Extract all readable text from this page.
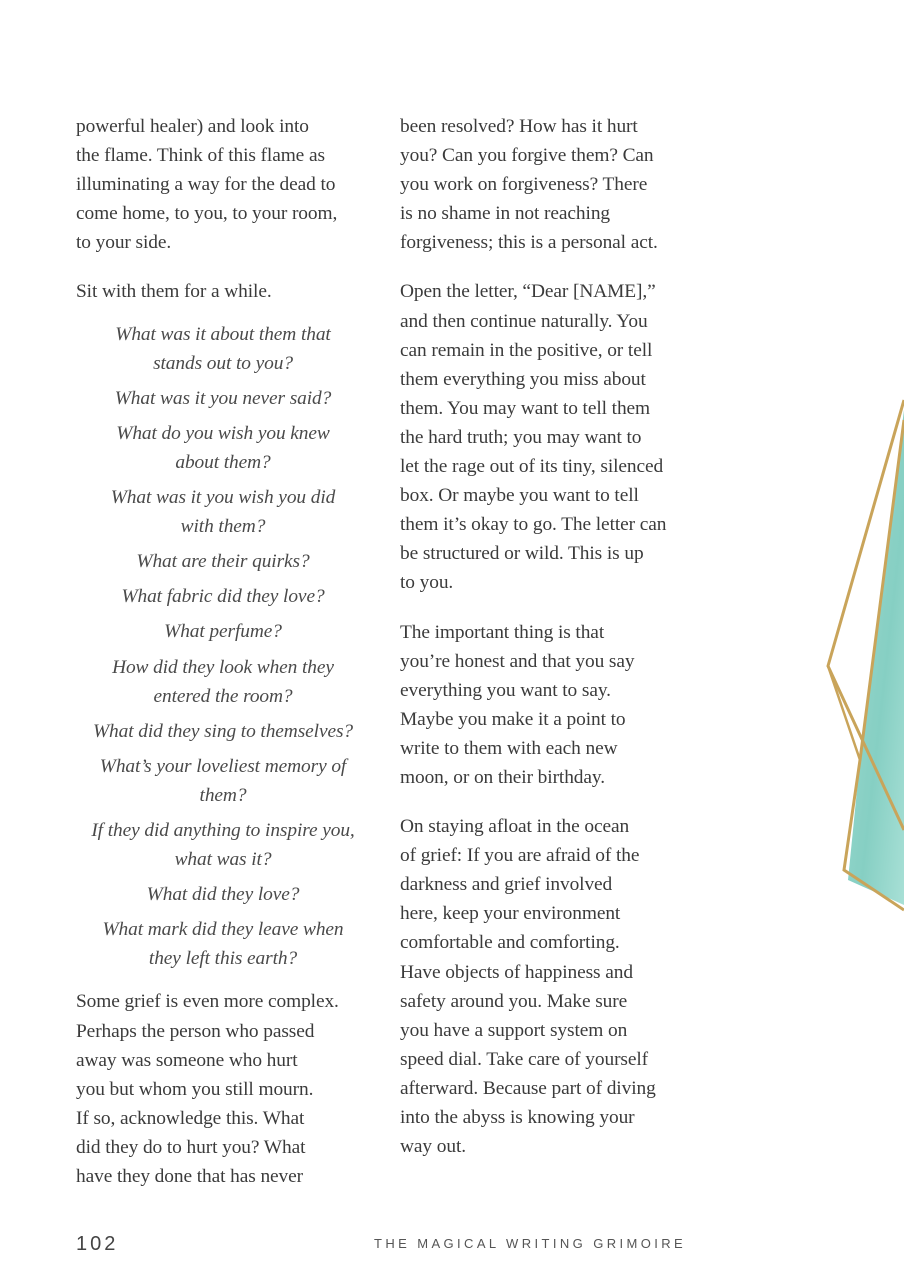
powerful healer) and look into
the flame. Think of this flame as
illuminating a way for the dead to
come home, to you, to your room,
to your side.

Sit with them for a while.

What was it about them that
stands out to you?
What was it you never said?
What do you wish you knew
about them?
What was it you wish you did
with them?
What are their quirks?
What fabric did they love?
What perfume?
How did they look when they
entered the room?
What did they sing to themselves?
What’s your loveliest memory of
them?
If they did anything to inspire you,
what was it?
What did they love?
What mark did they leave when
they left this earth?

Some grief is even more complex.
Perhaps the person who passed
away was someone who hurt
you but whom you still mourn.
If so, acknowledge this. What
did they do to hurt you? What
have they done that has never

been resolved? How has it hurt
you? Can you forgive them? Can
you work on forgiveness? There
is no shame in not reaching
forgiveness; this is a personal act.

Open the letter, “Dear [NAME],”
and then continue naturally. You
can remain in the positive, or tell
them everything you miss about
them. You may want to tell them
the hard truth; you may want to
let the rage out of its tiny, silenced
box. Or maybe you want to tell
them it’s okay to go. The letter can
be structured or wild. This is up
to you.

The important thing is that
you’re honest and that you say
everything you want to say.
Maybe you make it a point to
write to them with each new
moon, or on their birthday.

On staying afloat in the ocean
of grief: If you are afraid of the
darkness and grief involved
here, keep your environment
comfortable and comforting.
Have objects of happiness and
safety around you. Make sure
you have a support system on
speed dial. Take care of yourself
afterward. Because part of diving
into the abyss is knowing your
way out.

102	THE MAGICAL WRITING GRIMOIRE
